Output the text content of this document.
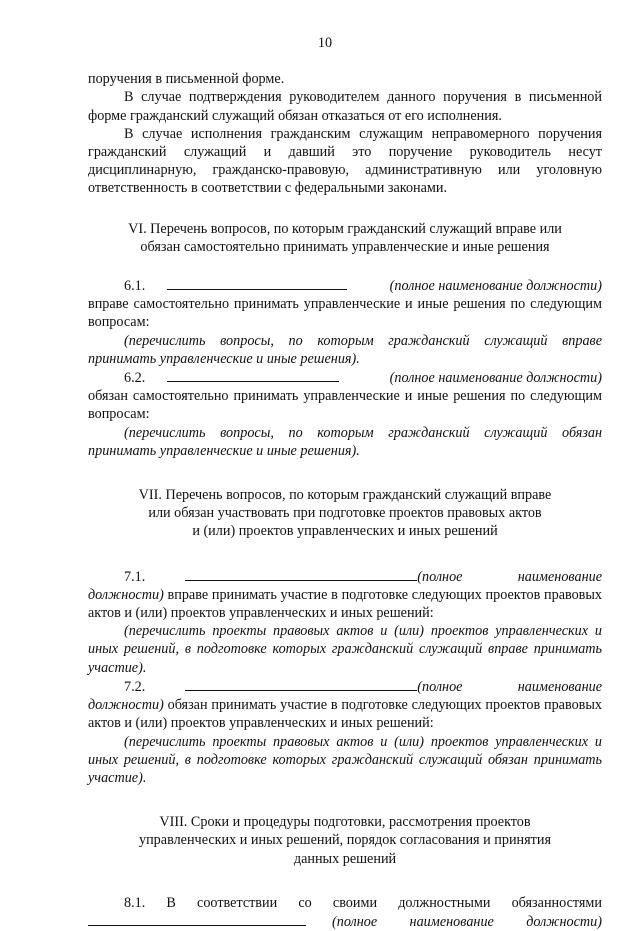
10

поручения в письменной форме.

В случае подтверждения руководителем данного поручения в письменной форме гражданский служащий обязан отказаться от его исполнения.

В случае исполнения гражданским служащим неправомерного поручения гражданский служащий и давший это поручение руководитель несут дисциплинарную, гражданско-правовую, административную или уголовную ответственность в соответствии с федеральными законами.

VI. Перечень вопросов, по которым гражданский служащий вправе или

обязан самостоятельно принимать управленческие и иные решения

6.1.	(полное наименование должности)

вправе самостоятельно принимать управленческие и иные решения по следующим вопросам:

(перечислить вопросы, по которым гражданский служащий вправе принимать управленческие и иные решения).

6.2.	(полное наименование должности)

обязан самостоятельно принимать управленческие и иные решения по следующим вопросам:

(перечислить вопросы, по которым гражданский служащий обязан принимать управленческие и иные решения).

VII. Перечень вопросов, по которым гражданский служащий вправе

или обязан участвовать при подготовке проектов правовых актов

и (или) проектов управленческих и иных решений

7.1.	(полное	наименование

должности) вправе принимать участие в подготовке следующих проектов правовых актов и (или) проектов управленческих и иных решений:

(перечислить проекты правовых актов и (или) проектов управленческих и иных решений, в подготовке которых гражданский служащий вправе принимать участие).

7.2.	(полное	наименование

должности) обязан принимать участие в подготовке следующих проектов правовых актов и (или) проектов управленческих и иных решений:

(перечислить проекты правовых актов и (или) проектов управленческих и иных решений, в подготовке которых гражданский служащий обязан принимать участие).

VIII. Сроки и процедуры подготовки, рассмотрения проектов

управленческих и иных решений, порядок согласования и принятия

данных решений

8.1. В соответствии со своими должностными обязанностями
(полное наименование должности)
